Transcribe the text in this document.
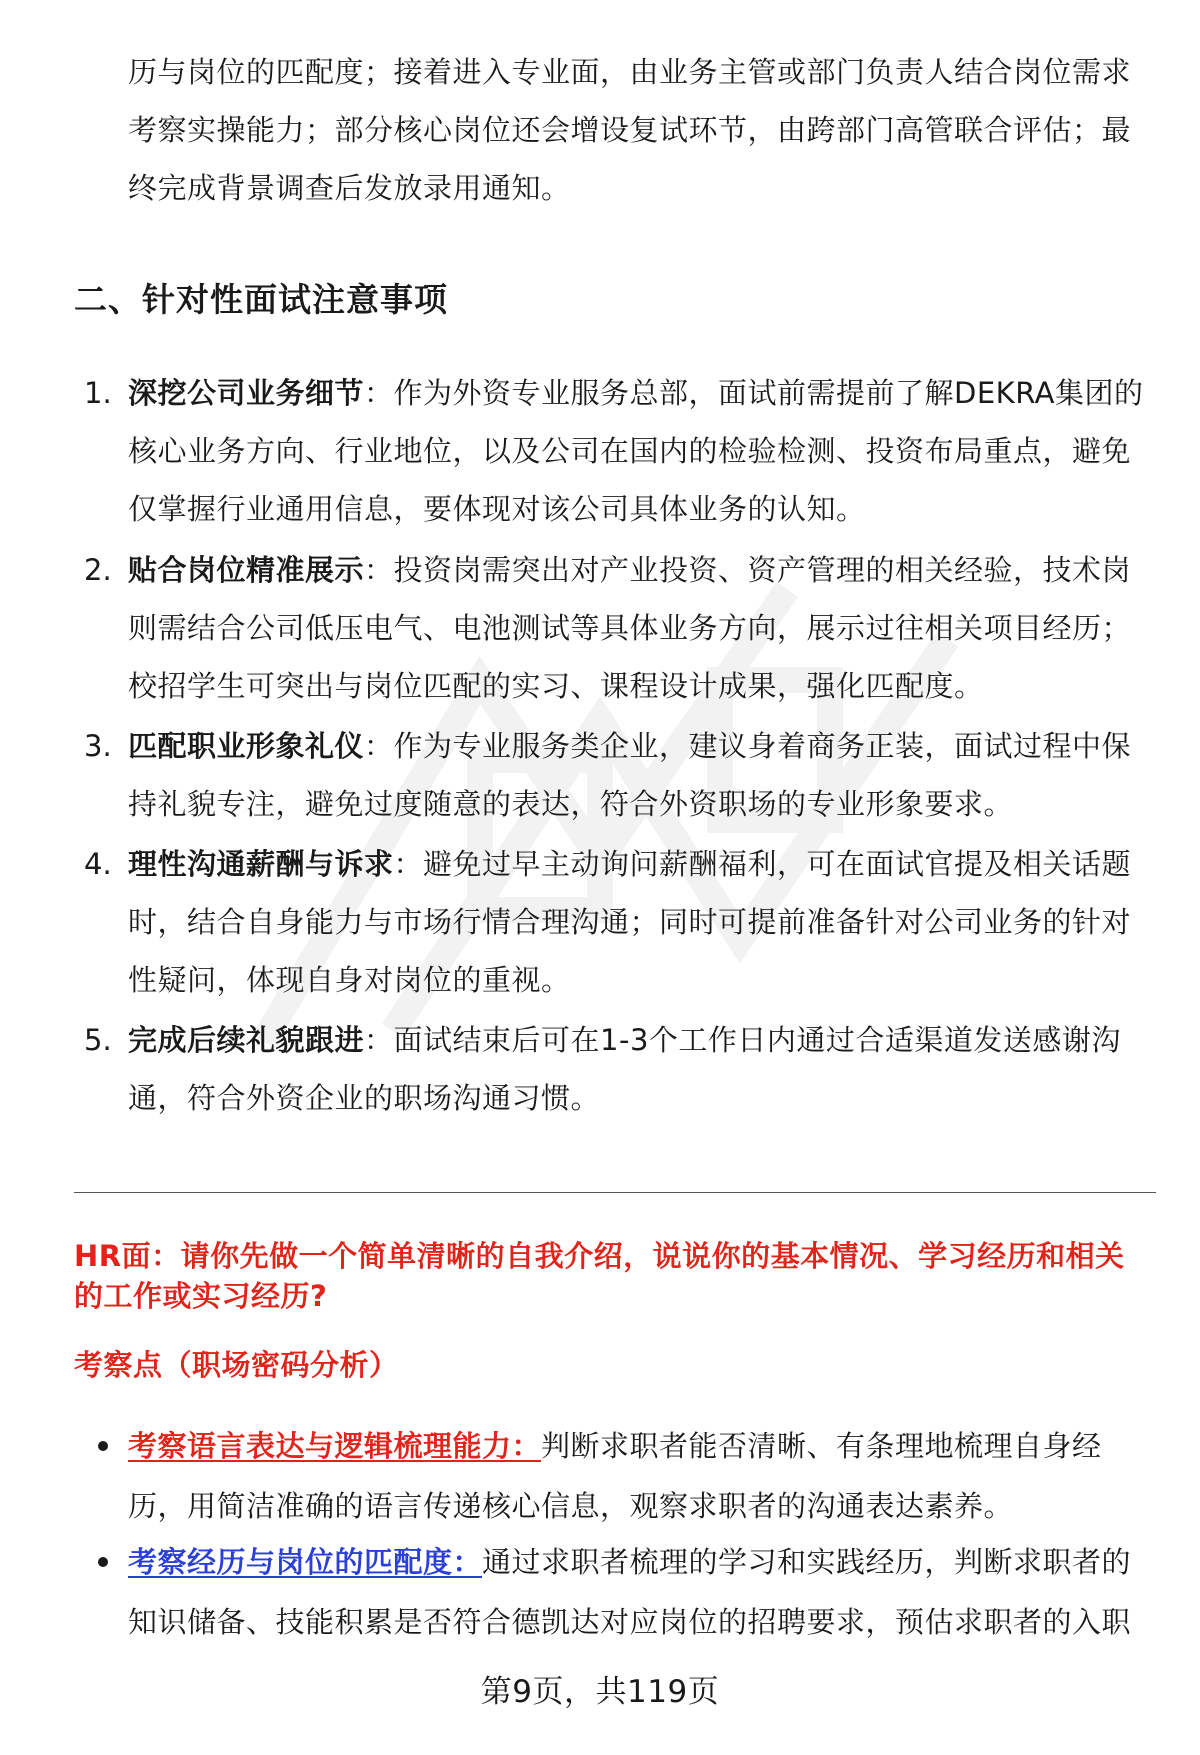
历与岗位的匹配度；接着进入专业面，由业务主管或部门负责人结合岗位需求
考察实操能力；部分核心岗位还会增设复试环节，由跨部门高管联合评估；最
终完成背景调查后发放录用通知。
二、针对性面试注意事项
1. 深挖公司业务细节：作为外资专业服务总部，面试前需提前了解DEKRA集团的
核心业务方向、行业地位，以及公司在国内的检验检测、投资布局重点，避免
仅掌握行业通用信息，要体现对该公司具体业务的认知。
2. 贴合岗位精准展示：投资岗需突出对产业投资、资产管理的相关经验，技术岗
则需结合公司低压电气、电池测试等具体业务方向，展示过往相关项目经历；
校招学生可突出与岗位匹配的实习、课程设计成果，强化匹配度。
3. 匹配职业形象礼仪：作为专业服务类企业，建议身着商务正装，面试过程中保
持礼貌专注，避免过度随意的表达，符合外资职场的专业形象要求。
4. 理性沟通薪酬与诉求：避免过早主动询问薪酬福利，可在面试官提及相关话题
时，结合自身能力与市场行情合理沟通；同时可提前准备针对公司业务的针对
性疑问，体现自身对岗位的重视。
5. 完成后续礼貌跟进：面试结束后可在1-3个工作日内通过合适渠道发送感谢沟
通，符合外资企业的职场沟通习惯。
HR面：请你先做一个简单清晰的自我介绍，说说你的基本情况、学习经历和相关
的工作或实习经历?
考察点（职场密码分析）
考察语言表达与逻辑梳理能力：判断求职者能否清晰、有条理地梳理自身经
历，用简洁准确的语言传递核心信息，观察求职者的沟通表达素养。
考察经历与岗位的匹配度：通过求职者梳理的学习和实践经历，判断求职者的
知识储备、技能积累是否符合德凯达对应岗位的招聘要求，预估求职者的入职
第9页，共119页
